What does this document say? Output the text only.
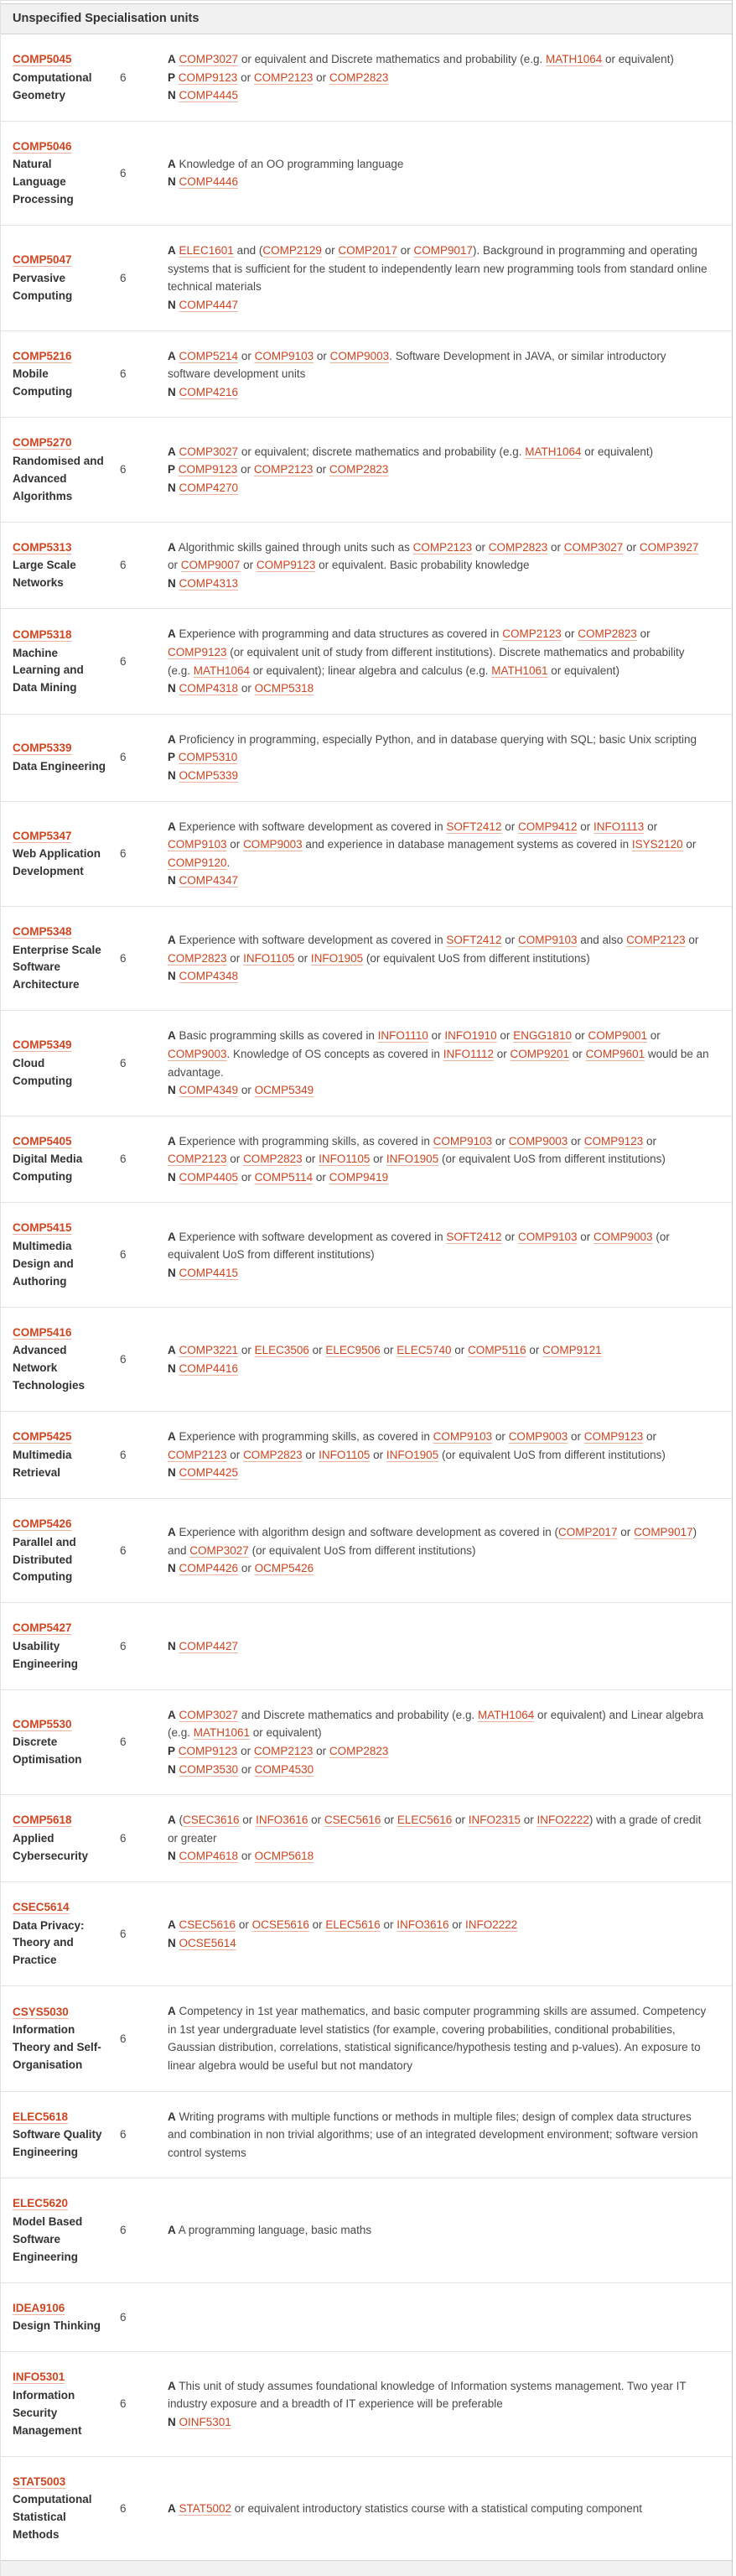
Unspecified Specialisation units
COMP5045
Computational Geometry
	6	
A COMP3027 or equivalent and Discrete mathematics and probability (e.g. MATH1064 or equivalent)
P COMP9123 or COMP2123 or COMP2823
N COMP4445
COMP5046
Natural Language Processing
	6	
A Knowledge of an OO programming language
N COMP4446
COMP5047
Pervasive Computing
	6	
A ELEC1601 and (COMP2129 or COMP2017 or COMP9017). Background in programming and operating systems that is sufficient for the student to independently learn new programming tools from standard online technical materials
N COMP4447
COMP5216
Mobile Computing
	6	
A COMP5214 or COMP9103 or COMP9003. Software Development in JAVA, or similar introductory software development units
N COMP4216
COMP5270
Randomised and Advanced Algorithms
	6	
A COMP3027 or equivalent; discrete mathematics and probability (e.g. MATH1064 or equivalent)
P COMP9123 or COMP2123 or COMP2823
N COMP4270
COMP5313
Large Scale Networks
	6	
A Algorithmic skills gained through units such as COMP2123 or COMP2823 or COMP3027 or COMP3927 or COMP9007 or COMP9123 or equivalent. Basic probability knowledge
N COMP4313
COMP5318
Machine Learning and Data Mining
	6	
A Experience with programming and data structures as covered in COMP2123 or COMP2823 or COMP9123 (or equivalent unit of study from different institutions). Discrete mathematics and probability (e.g. MATH1064 or equivalent); linear algebra and calculus (e.g. MATH1061 or equivalent)
N COMP4318 or OCMP5318
COMP5339
Data Engineering
	6	
A Proficiency in programming, especially Python, and in database querying with SQL; basic Unix scripting
P COMP5310
N OCMP5339
COMP5347
Web Application Development
	6	
A Experience with software development as covered in SOFT2412 or COMP9412 or INFO1113 or COMP9103 or COMP9003 and experience in database management systems as covered in ISYS2120 or COMP9120.
N COMP4347
COMP5348
Enterprise Scale Software Architecture
	6	
A Experience with software development as covered in SOFT2412 or COMP9103 and also COMP2123 or COMP2823 or INFO1105 or INFO1905 (or equivalent UoS from different institutions)
N COMP4348
COMP5349
Cloud Computing
	6	
A Basic programming skills as covered in INFO1110 or INFO1910 or ENGG1810 or COMP9001 or COMP9003. Knowledge of OS concepts as covered in INFO1112 or COMP9201 or COMP9601 would be an advantage.
N COMP4349 or OCMP5349
COMP5405
Digital Media Computing
	6	
A Experience with programming skills, as covered in COMP9103 or COMP9003 or COMP9123 or COMP2123 or COMP2823 or INFO1105 or INFO1905 (or equivalent UoS from different institutions)
N COMP4405 or COMP5114 or COMP9419
COMP5415
Multimedia Design and Authoring
	6	
A Experience with software development as covered in SOFT2412 or COMP9103 or COMP9003 (or equivalent UoS from different institutions)
N COMP4415
COMP5416
Advanced Network Technologies
	6	
A COMP3221 or ELEC3506 or ELEC9506 or ELEC5740 or COMP5116 or COMP9121
N COMP4416
COMP5425
Multimedia Retrieval
	6	
A Experience with programming skills, as covered in COMP9103 or COMP9003 or COMP9123 or COMP2123 or COMP2823 or INFO1105 or INFO1905 (or equivalent UoS from different institutions)
N COMP4425
COMP5426
Parallel and Distributed Computing
	6	
A Experience with algorithm design and software development as covered in (COMP2017 or COMP9017) and COMP3027 (or equivalent UoS from different institutions)
N COMP4426 or OCMP5426
COMP5427
Usability Engineering
	6	N COMP4427
COMP5530
Discrete Optimisation
	6	
A COMP3027 and Discrete mathematics and probability (e.g. MATH1064 or equivalent) and Linear algebra (e.g. MATH1061 or equivalent)
P COMP9123 or COMP2123 or COMP2823
N COMP3530 or COMP4530
COMP5618
Applied Cybersecurity
	6	
A (CSEC3616 or INFO3616 or CSEC5616 or ELEC5616 or INFO2315 or INFO2222) with a grade of credit or greater
N COMP4618 or OCMP5618
CSEC5614
Data Privacy: Theory and Practice
	6	
A CSEC5616 or OCSE5616 or ELEC5616 or INFO3616 or INFO2222
N OCSE5614
CSYS5030
Information Theory and Self-Organisation
	6	
A Competency in 1st year mathematics, and basic computer programming skills are assumed. Competency in 1st year undergraduate level statistics (for example, covering probabilities, conditional probabilities, Gaussian distribution, correlations, statistical significance/hypothesis testing and p-values). An exposure to linear algebra would be useful but not mandatory
ELEC5618
Software Quality Engineering
	6	
A Writing programs with multiple functions or methods in multiple files; design of complex data structures and combination in non trivial algorithms; use of an integrated development environment; software version control systems
ELEC5620
Model Based Software Engineering
	6	A A programming language, basic maths
IDEA9106
Design Thinking
	6	
INFO5301
Information Security Management
	6	
A This unit of study assumes foundational knowledge of Information systems management. Two year IT industry exposure and a breadth of IT experience will be preferable
N OINF5301
STAT5003
Computational Statistical Methods
	6	A STAT5002 or equivalent introductory statistics course with a statistical computing component
